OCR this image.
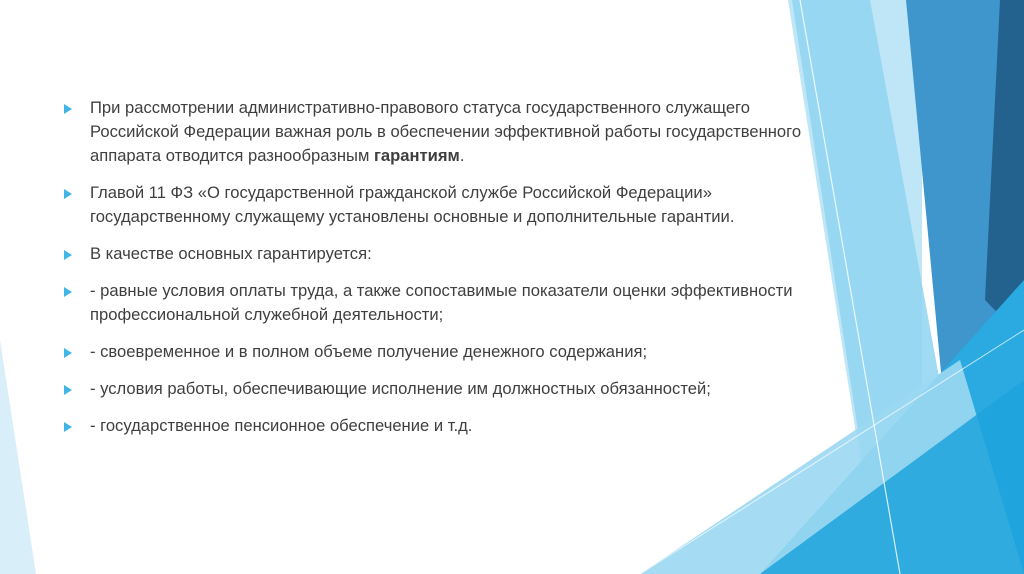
При рассмотрении административно-правового статуса государственного служащего Российской Федерации важная роль в обеспечении эффективной работы государственного аппарата отводится разнообразным гарантиям.
Главой 11 ФЗ «О государственной гражданской службе Российской Федерации» государственному служащему установлены основные и дополнительные гарантии.
В качестве основных гарантируется:
- равные условия оплаты труда, а также сопоставимые показатели оценки эффективности профессиональной служебной деятельности;
- своевременное и в полном объеме получение денежного содержания;
- условия работы, обеспечивающие исполнение им должностных обязанностей;
- государственное пенсионное обеспечение и т.д.
